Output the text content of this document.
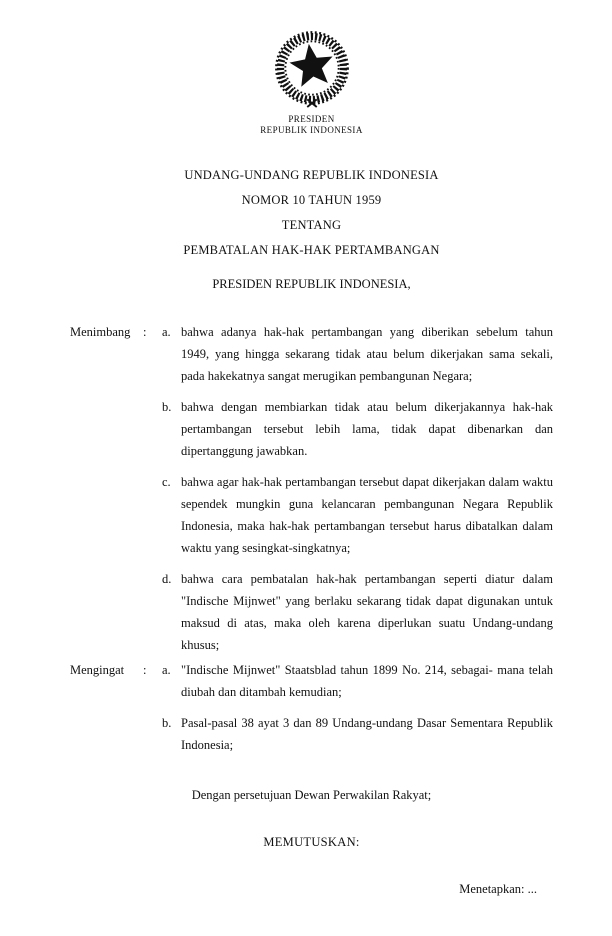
PRESIDEN
REPUBLIK INDONESIA
UNDANG-UNDANG REPUBLIK INDONESIA
NOMOR 10 TAHUN 1959
TENTANG
PEMBATALAN HAK-HAK PERTAMBANGAN
PRESIDEN REPUBLIK INDONESIA,
Menimbang	:	a. bahwa adanya hak-hak pertambangan yang diberikan sebelum tahun 1949, yang hingga sekarang tidak atau belum dikerjakan sama sekali, pada hakekatnya sangat merugikan pembangunan Negara;
b. bahwa dengan membiarkan tidak atau belum dikerjakannya hak-hak pertambangan tersebut lebih lama, tidak dapat dibenarkan dan dipertanggung jawabkan.
c. bahwa agar hak-hak pertambangan tersebut dapat dikerjakan dalam waktu sependek mungkin guna kelancaran pembangunan Negara Republik Indonesia, maka hak-hak pertambangan tersebut harus dibatalkan dalam waktu yang sesingkat-singkatnya;
d. bahwa cara pembatalan hak-hak pertambangan seperti diatur dalam "Indische Mijnwet" yang berlaku sekarang tidak dapat digunakan untuk maksud di atas, maka oleh karena diperlukan suatu Undang-undang khusus;
Mengingat	:	a. "Indische Mijnwet" Staatsblad tahun 1899 No. 214, sebagai- mana telah diubah dan ditambah kemudian;
b. Pasal-pasal 38 ayat 3 dan 89 Undang-undang Dasar Sementara Republik Indonesia;
Dengan persetujuan Dewan Perwakilan Rakyat;
MEMUTUSKAN:
Menetapkan: ...
